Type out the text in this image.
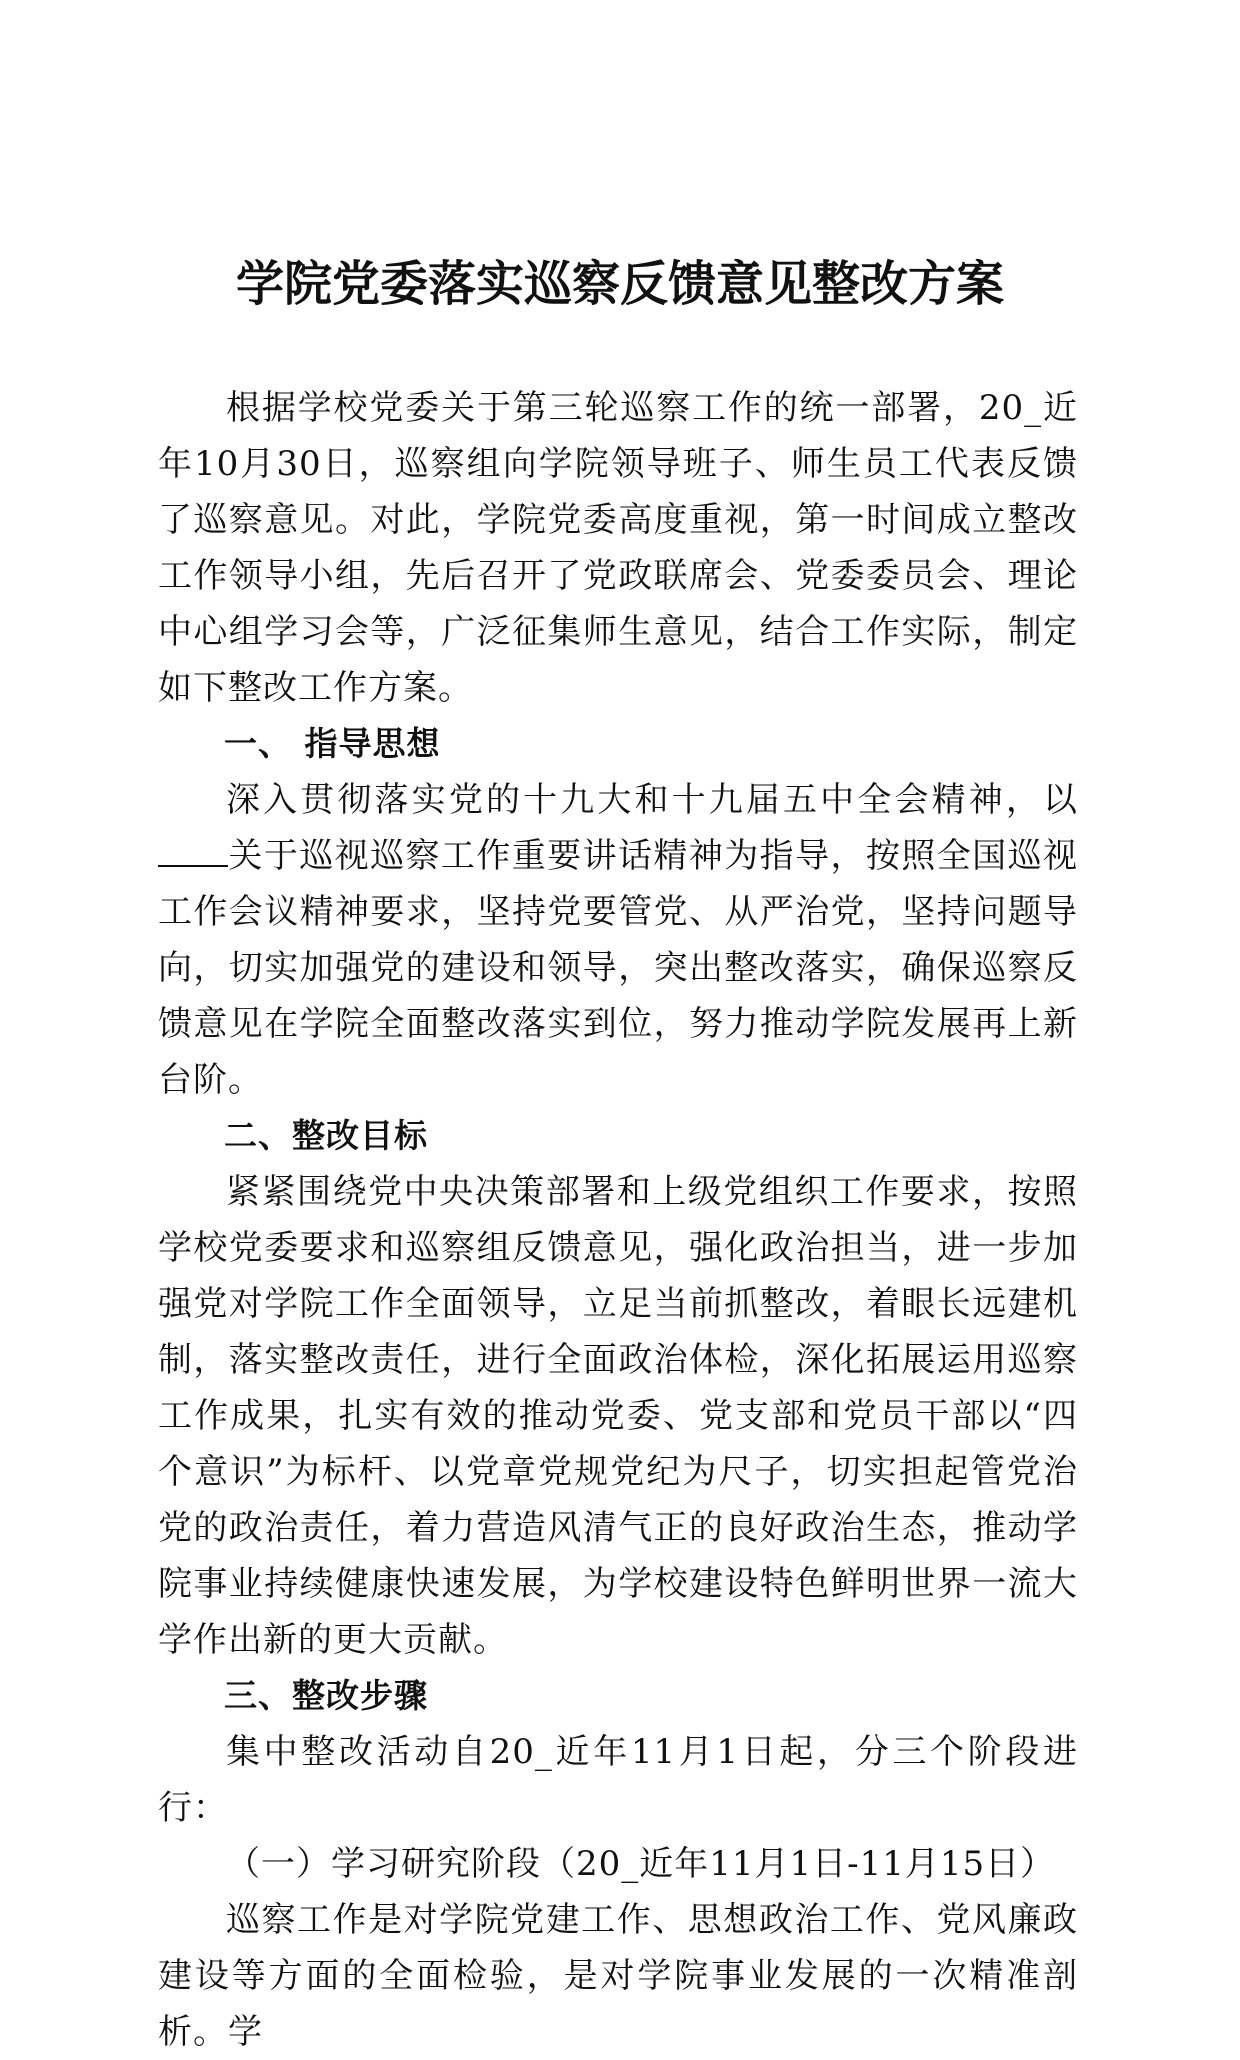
学院党委落实巡察反馈意见整改方案

根据学校党委关于第三轮巡察工作的统一部署，20_近年10月30日，巡察组向学院领导班子、师生员工代表反馈了巡察意见。对此，学院党委高度重视，第一时间成立整改工作领导小组，先后召开了党政联席会、党委委员会、理论中心组学习会等，广泛征集师生意见，结合工作实际，制定如下整改工作方案。

一、 指导思想

深入贯彻落实党的十九大和十九届五中全会精神，以关于巡视巡察工作重要讲话精神为指导，按照全国巡视工作会议精神要求，坚持党要管党、从严治党，坚持问题导向，切实加强党的建设和领导，突出整改落实，确保巡察反馈意见在学院全面整改落实到位，努力推动学院发展再上新台阶。

二、整改目标

紧紧围绕党中央决策部署和上级党组织工作要求，按照学校党委要求和巡察组反馈意见，强化政治担当，进一步加强党对学院工作全面领导，立足当前抓整改，着眼长远建机制，落实整改责任，进行全面政治体检，深化拓展运用巡察工作成果，扎实有效的推动党委、党支部和党员干部以“四个意识”为标杆、以党章党规党纪为尺子，切实担起管党治党的政治责任，着力营造风清气正的良好政治生态，推动学院事业持续健康快速发展，为学校建设特色鲜明世界一流大学作出新的更大贡献。

三、整改步骤

集中整改活动自20_近年11月1日起，分三个阶段进行：

（一）学习研究阶段（20_近年11月1日-11月15日）

巡察工作是对学院党建工作、思想政治工作、党风廉政建设等方面的全面检验，是对学院事业发展的一次精准剖析。学
